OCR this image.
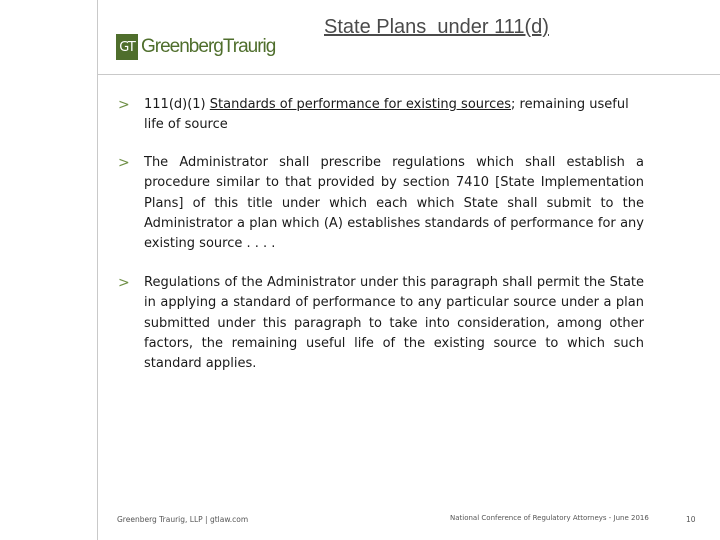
GT GreenbergTraurig
State Plans  under 111(d)
>	111(d)(1) Standards of performance for existing sources; remaining useful life of source
>	The Administrator shall prescribe regulations which shall establish a procedure similar to that provided by section 7410 [State Implementation Plans] of this title under which each which State shall submit to the Administrator a plan which (A) establishes standards of performance for any existing source . . . .
>	Regulations of the Administrator under this paragraph shall permit the State in applying a standard of performance to any particular source under a plan submitted under this paragraph to take into consideration, among other factors, the remaining useful life of the existing source to which such standard applies.
Greenberg Traurig, LLP | gtlaw.com	National Conference of Regulatory Attorneys - June 2016	10
